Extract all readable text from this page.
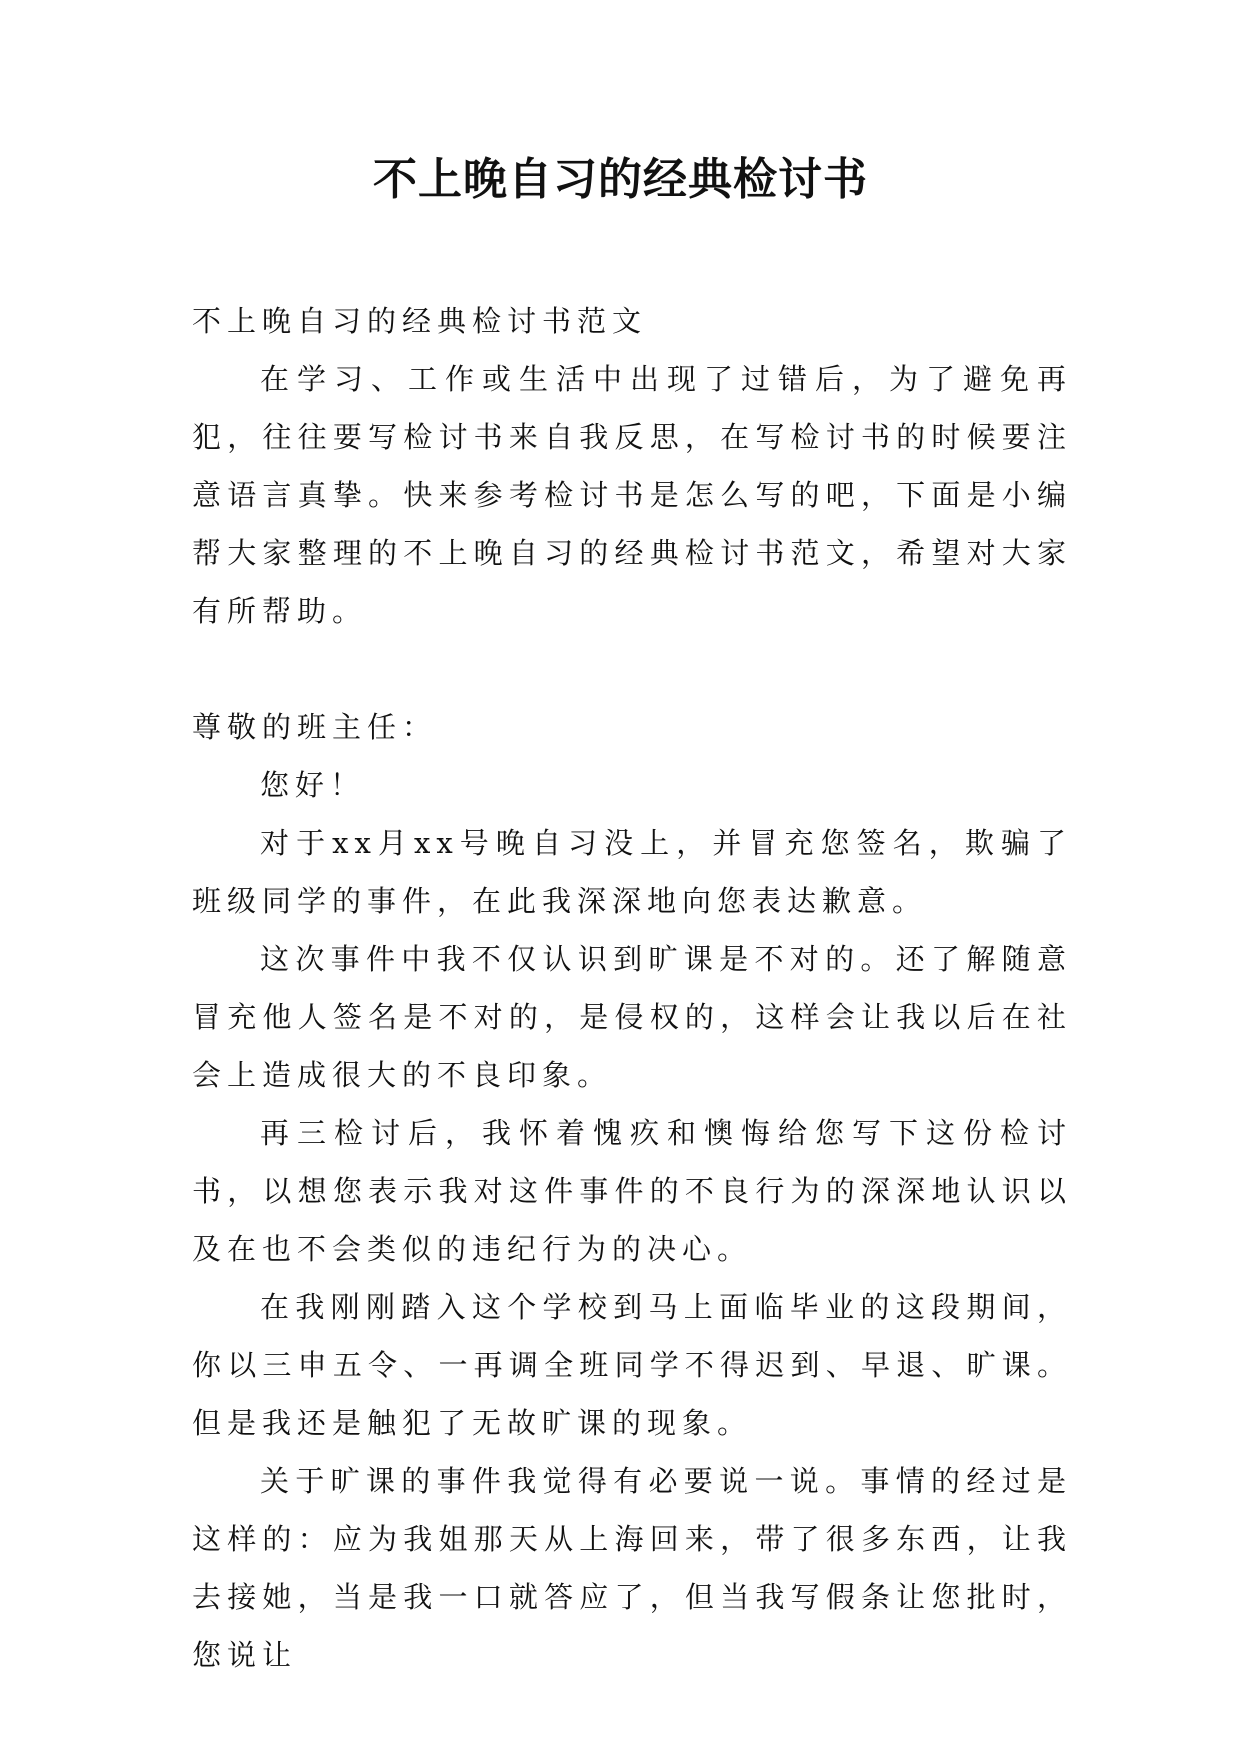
不上晚自习的经典检讨书

不上晚自习的经典检讨书范文

在学习、工作或生活中出现了过错后，为了避免再犯，往往要写检讨书来自我反思，在写检讨书的时候要注意语言真挚。快来参考检讨书是怎么写的吧，下面是小编帮大家整理的不上晚自习的经典检讨书范文，希望对大家有所帮助。

尊敬的班主任：

您好！

对于xx月xx号晚自习没上，并冒充您签名，欺骗了班级同学的事件，在此我深深地向您表达歉意。

这次事件中我不仅认识到旷课是不对的。还了解随意冒充他人签名是不对的，是侵权的，这样会让我以后在社会上造成很大的不良印象。

再三检讨后，我怀着愧疚和懊悔给您写下这份检讨书，以想您表示我对这件事件的不良行为的深深地认识以及在也不会类似的违纪行为的决心。

在我刚刚踏入这个学校到马上面临毕业的这段期间，你以三申五令、一再调全班同学不得迟到、早退、旷课。但是我还是触犯了无故旷课的现象。

关于旷课的事件我觉得有必要说一说。事情的经过是这样的：应为我姐那天从上海回来，带了很多东西，让我去接她，当是我一口就答应了，但当我写假条让您批时，您说让
